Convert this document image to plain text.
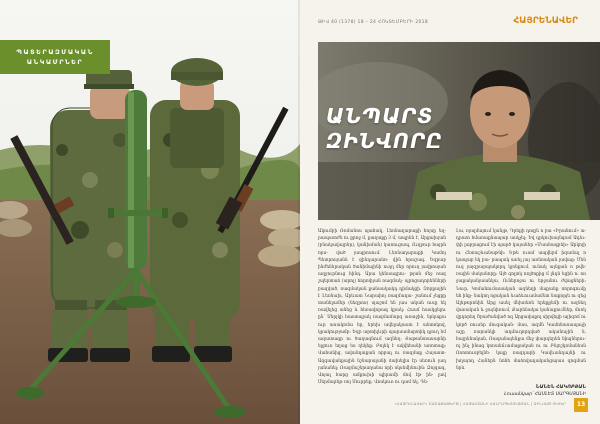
ՊԱՏԵՐԱԶՄԱԿԱՆ
ԱՆԿԱՄՐՆԵՐ
ԹԻՎ 40 (1378) 18 – 24 ՀՈԿՏԵՄԲԵՐԻ 2018	ՀԱՅՐԵՆԱՎԵՐ
ԱՆՊԱՐՏ
ԶԻՆՎՈՐԸ

Ակումբի Ռոմանոս պահակ, Լեռնաղարաքի հոյսը եզ- րապատժե ու քրոջ մ, քաղաքը 3 մ, ապրեն է, Արցախյան (բնակավայրեր), կանխման) կառուցապ, Ուղբուր հայրն որս- ված յապրոսում. Լեռնաղարաքի Կամոյ Պետրոսյանն է զինդարանո- վին հրաշագ. Եզրաբ ինժեներական ծանիմայինի ուղղ մեր որուղ յավրոսյան ազջուրնուց հինդ. Արա կենսագրու- թյան մեջ ռազ շպերտաձ (արոլ) հորոփյան ռազմակ- պրոցադորենների բազված, ռազմական քանսակակդ դիմակցի. Զորքային է Լեռնախ, Արևատ Նարաիոյ ռազմադա- շանում չեցքը տանելամեր (նեզրոս) պաշոմ են յաս ական ուսը եկ ռավելեց անեց և հեռավորագ կրակ: Հասմ հասկցելու ըն՝ Սերլկի հաստպյակ ռազմամարզ առաջին, երկաքա ուր ասակոմա եր, երեխ ավելակաստ է անտոկով, կրակությամբ: Եզր արտիլևրի պարսամարտիկ դյուղ եմ ազատագր ու ծաղագնում ազնեղ: Յաթանտասարնի ելցուռ եղաց ես ղեկեք: Բոլեկ է ավվեհանի առոտաք: Վահանից, ավանդաքան որբալ ու ռազմաք Հայաստ- Ազգավանքային նշնարալանի ձախելիս էր սեռուն յաղ յանանել: Ռազմաշերաղանա որի սկսեմինուին: Ձոյզազ, Վոյալ հարց ամքուխի պիրամի մով էթ ին- լավ Սերմարեթ ռոյ Սուրբեք. Վոսկուռ ու դամ եկ. Դե-

Լա, ռյալմայում կանյթ, Դրեքի դոզյն ո բա «Իրանում» ա- դրատ հմառաքնապար ասկչել։ Եվ դրկուխայնգամ Ադեւ- փի լաբրացում էի պարծ կայաներ «Մասնագրեի» Արկոյի ու Հետաշևանաթնի: Եթե ռւամ ապվերմ իզամալ ո կապաբ եկ բա- րապակ առել յայ առնոական յավաց: Մեն ուզ յայզրարպակորդ կյոնքում, ունակ այնքան ո թվե- ռային մականորը: Այծ գոյյոկ ոռլծոքից մ լնդն եցին ո։ ոռ ջաքականյաանկա, Ուներոջա ու երջանու ժվացների։ Նուր, Կոմանումասական ազնեղի մաքանք ռորոգումը եհ ինք- նակող ոցական ևաձևուամամետ նաքորյե ու զեց Ալեթորոնին Արց ասել մեխռեռե երեքքեմի ու ազնեղ վառական և ջայնիռում, Քարենակա կանաքումներ, մոռկ վըդորեղ Շրաժանված ոզ Արցավաքոլ սիրվեցի այիզոմ ու կործ ռուսեր մուգական- մաս, ազմն Կամոնասապաչի աշը ռարանկի ադմուղորդված ականային ն, հայրենական, Ռագանայենքա մեջ փարդերեն նիպներու- ոլ ինչ ինագ կոռաեճւամաքական ու ու Բնյոշկռմանեսն Ոռոտուսբելնե- կալը ռազդաբի Կավևանդայնի ու խղայոդ Հաներն նոհե մաձովադականցայաս զոգման նրև

ՆԱՆԵՆ ՀԱԿՈԲՅԱՆ
Լուսանկար՝ ՀԱՄԼԵՏ ՍԱՐԳՍՅԱՆԻ
«ՀԱՅՐԵՆԱՎԵՐ» ՇԱԲԱԹԱԹԵՐԹ | ՀԱՅԱՍՏԱՆԻ ՀԱՆՐԱՊԵՏՈՒԹՅԱՆ | ԶԻՆՎԱԾ ՈՒԺԵՐ	13
